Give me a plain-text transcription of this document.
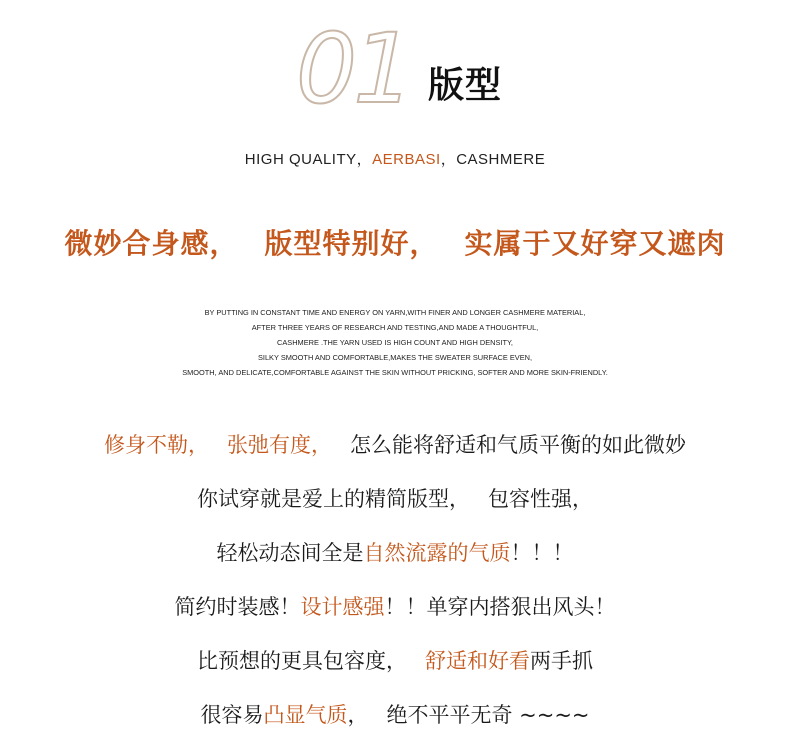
01 版型
HIGH QUALITY，AERBASI，CASHMERE
微妙合身感， 版型特别好， 实属于又好穿又遮肉
BY PUTTING IN CONSTANT TIME AND ENERGY ON YARN,WITH FINER AND LONGER CASHMERE MATERIAL,
AFTER THREE YEARS OF RESEARCH AND TESTING,AND MADE A THOUGHTFUL,
CASHMERE .THE YARN USED IS HIGH COUNT AND HIGH DENSITY,
SILKY SMOOTH AND COMFORTABLE,MAKES THE SWEATER SURFACE EVEN,
SMOOTH, AND DELICATE,COMFORTABLE AGAINST THE SKIN WITHOUT PRICKING, SOFTER AND MORE SKIN-FRIENDLY.
修身不勒， 张弛有度， 怎么能将舒适和气质平衡的如此微妙
你试穿就是爱上的精简版型， 包容性强，
轻松动态间全是自然流露的气质！！！
简约时装感！设计感强！！单穿内搭狠出风头！
比预想的更具包容度， 舒适和好看两手抓
很容易凸显气质， 绝不平平无奇 ~~~~
